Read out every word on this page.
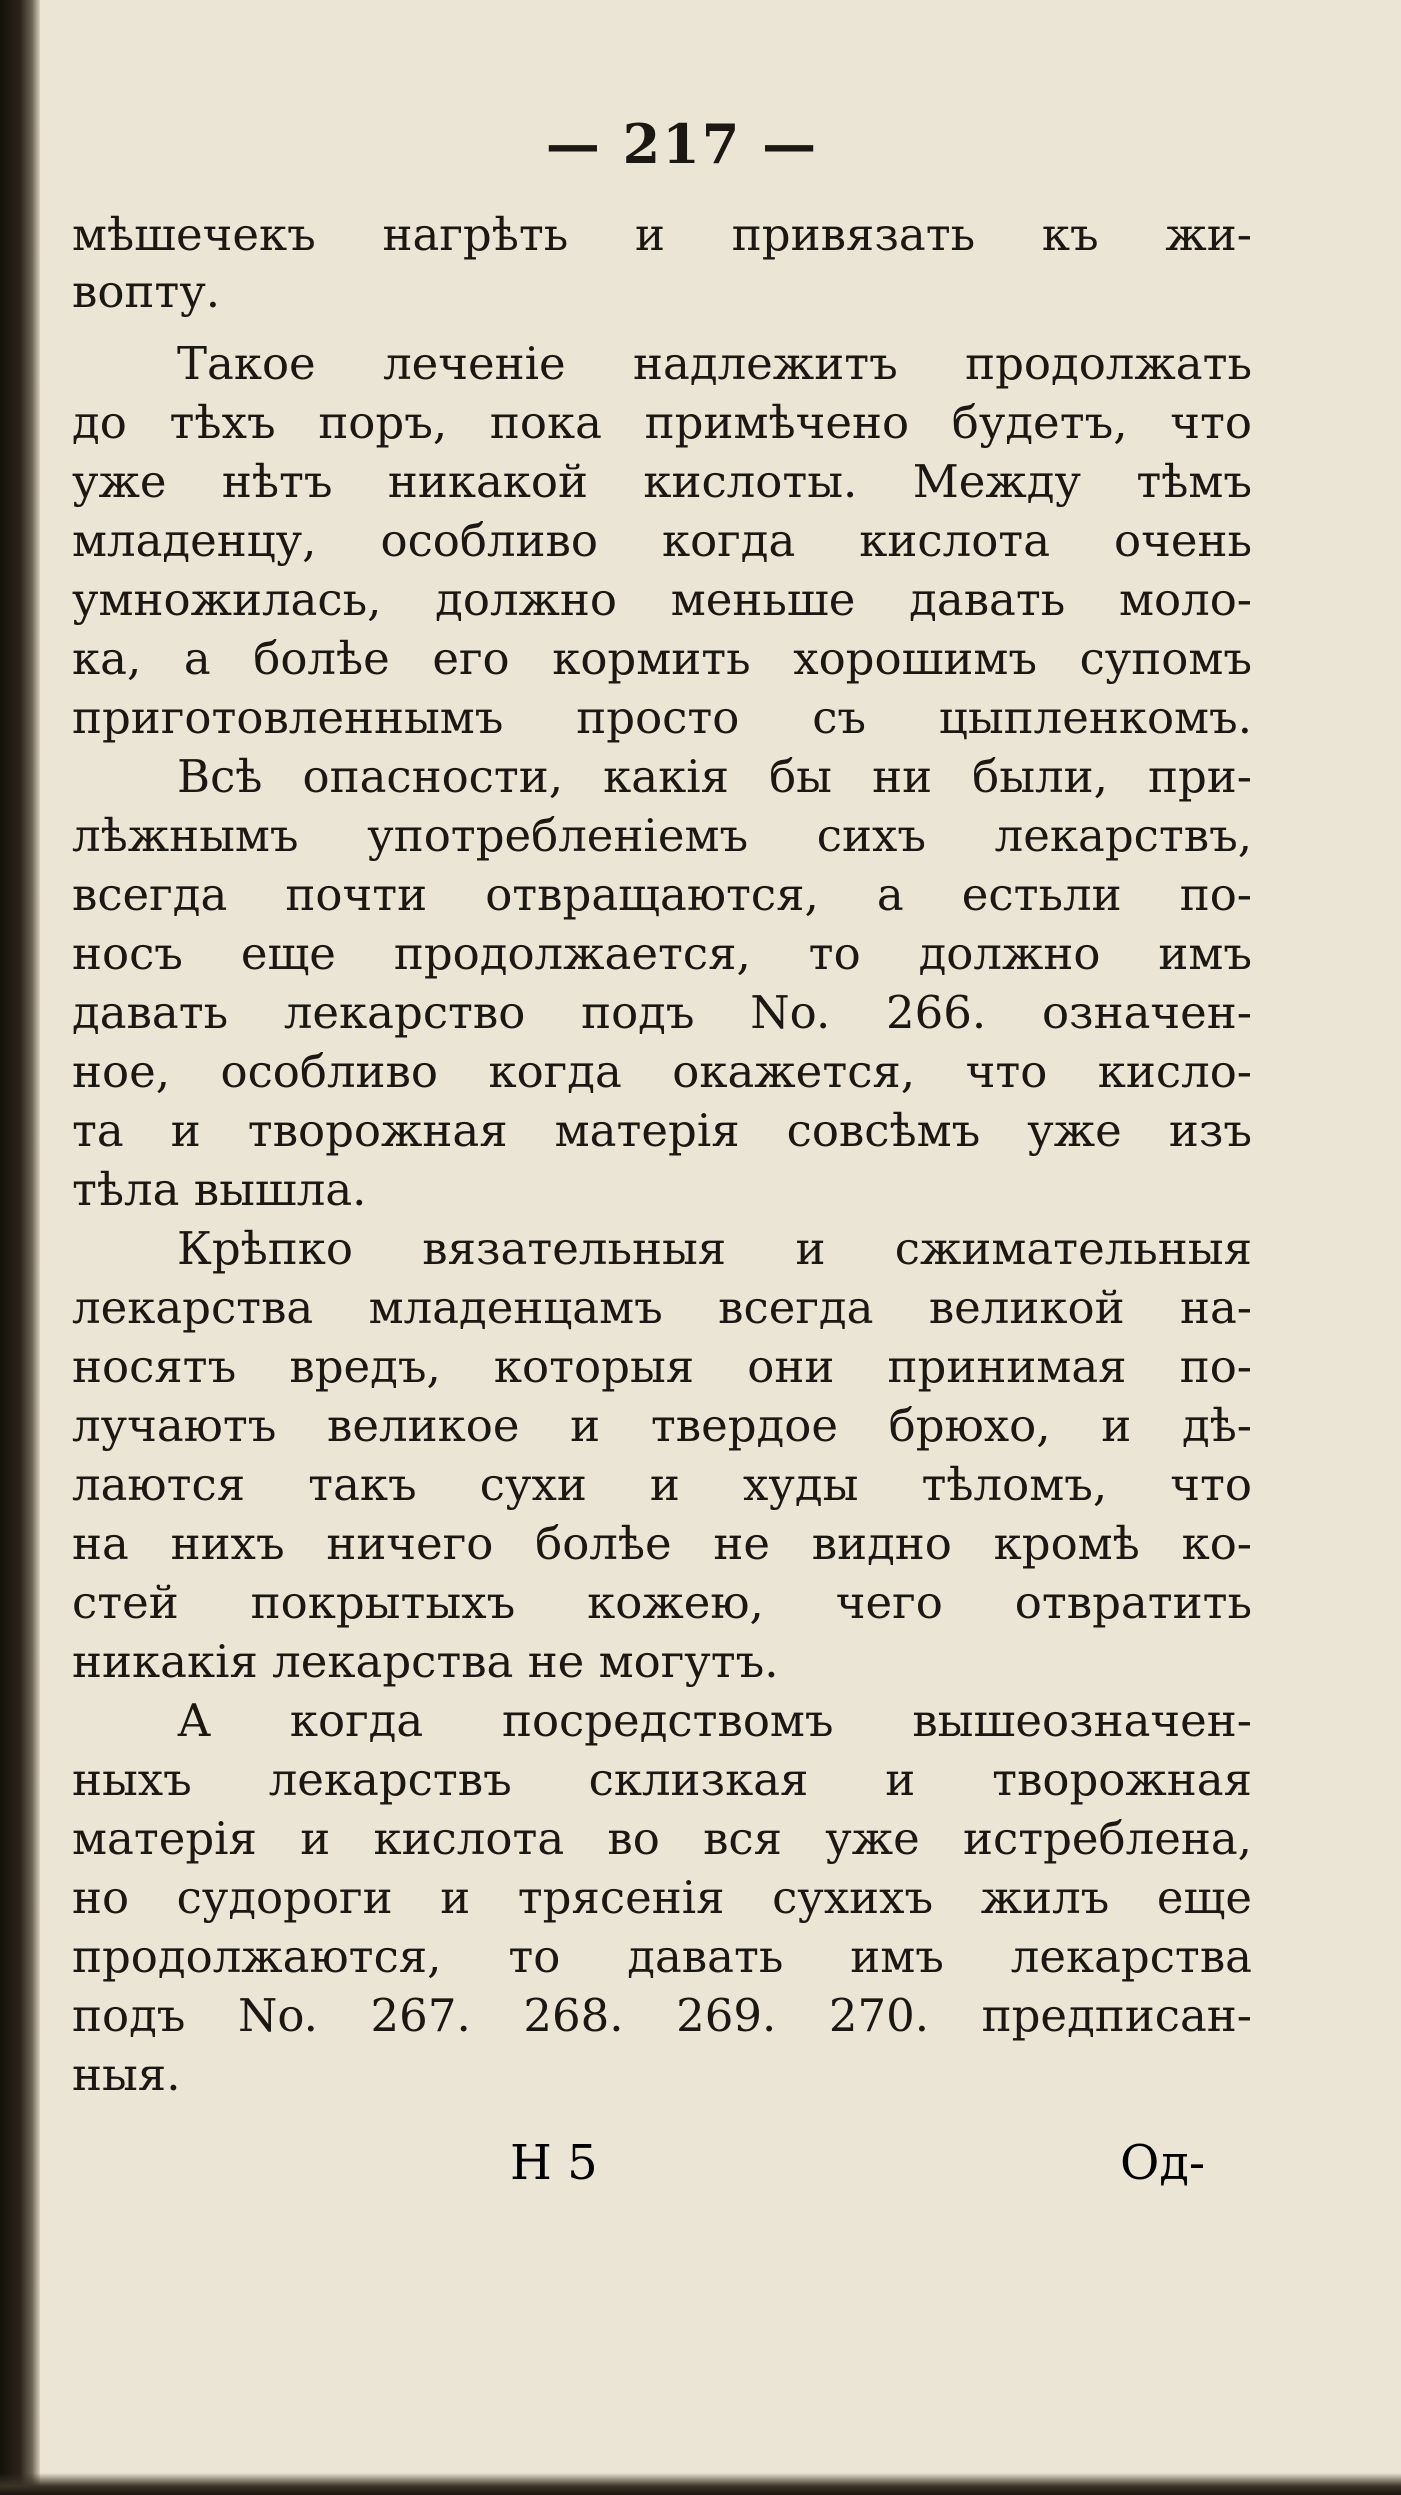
— 217 —
мѣшечекъ нагрѣть и привязать къ жи-
вопту.
Такое леченіе надлежитъ продолжать
до тѣхъ поръ, пока примѣчено будетъ, что
уже нѣтъ никакой кислоты. Между тѣмъ
младенцу, особливо когда кислота очень
умножилась, должно меньше давать моло-
ка, а болѣе его кормить хорошимъ супомъ
приготовленнымъ просто съ цыпленкомъ.
Всѣ опасности, какія бы ни были, при-
лѣжнымъ употребленіемъ сихъ лекарствъ,
всегда почти отвращаются, а естьли по-
носъ еще продолжается, то должно имъ
давать лекарство подъ No. 266. означен-
ное, особливо когда окажется, что кисло-
та и творожная матерія совсѣмъ уже изъ
тѣла вышла.
Крѣпко вязательныя и сжимательныя
лекарства младенцамъ всегда великой на-
носятъ вредъ, которыя они принимая по-
лучаютъ великое и твердое брюхо, и дѣ-
лаются такъ сухи и худы тѣломъ, что
на нихъ ничего болѣе не видно кромѣ ко-
стей покрытыхъ кожею, чего отвратить
никакія лекарства не могутъ.
А когда посредствомъ вышеозначен-
ныхъ лекарствъ склизкая и творожная
матерія и кислота во вся уже истреблена,
но судороги и трясенія сухихъ жилъ еще
продолжаются, то давать имъ лекарства
подъ No. 267. 268. 269. 270. предписан-
ныя.
Н 5	Од-
